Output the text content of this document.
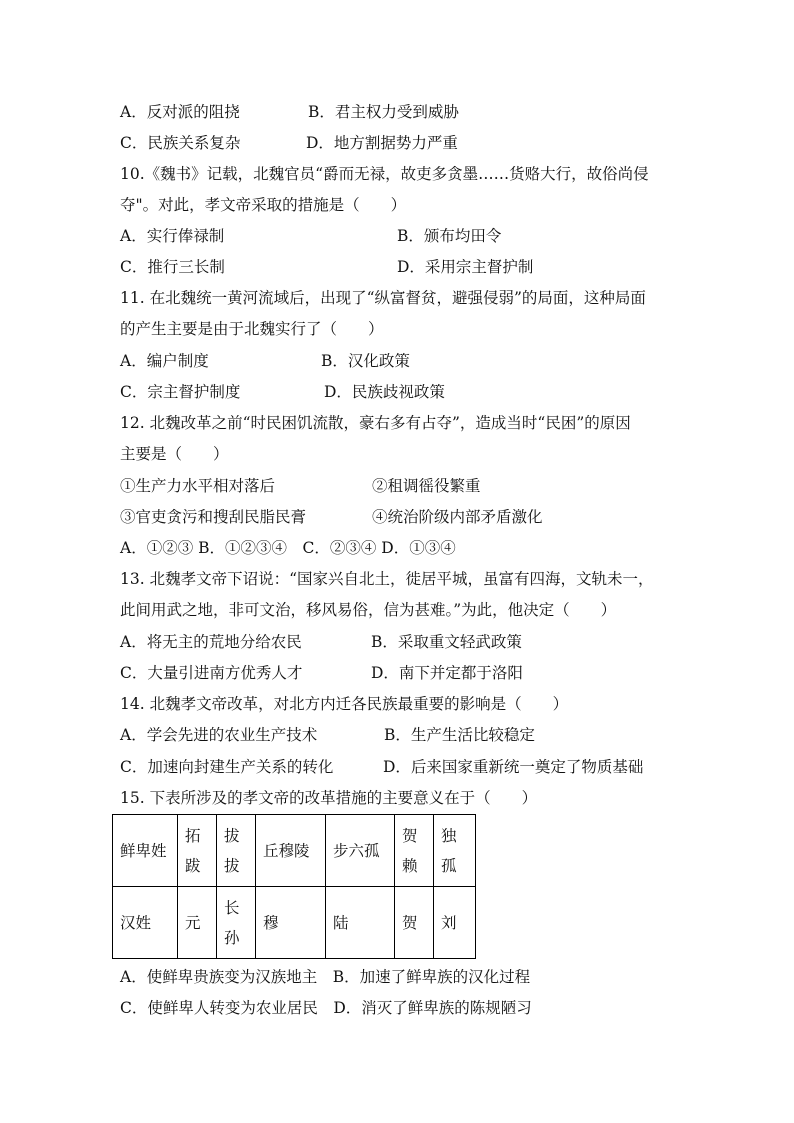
A．反对派的阻挠	B．君主权力受到威胁
C．民族关系复杂	D．地方割据势力严重
10.《魏书》记载，北魏官员“爵而无禄，故吏多贪墨……货赂大行，故俗尚侵
夺"。对此，孝文帝采取的措施是（　　）
A．实行俸禄制	B．颁布均田令
C．推行三长制	D．采用宗主督护制
11. 在北魏统一黄河流域后，出现了“纵富督贫，避强侵弱”的局面，这种局面
的产生主要是由于北魏实行了（　　）
A．编户制度	B．汉化政策
C．宗主督护制度	D．民族歧视政策
12. 北魏改革之前“时民困饥流散，豪右多有占夺”，造成当时“民困”的原因
主要是（　　）
①生产力水平相对落后	②租调徭役繁重
③官吏贪污和搜刮民脂民膏	④统治阶级内部矛盾激化
A．①②③ B．①②③④　C．②③④ D．①③④
13. 北魏孝文帝下诏说：“国家兴自北土，徙居平城，虽富有四海，文轨未一，
此间用武之地，非可文治，移风易俗，信为甚难。”为此，他决定（　　）
A．将无主的荒地分给农民	B．采取重文轻武政策
C．大量引进南方优秀人才	D．南下并定都于洛阳
14. 北魏孝文帝改革，对北方内迁各民族最重要的影响是（　　）
A．学会先进的农业生产技术	B．生产生活比较稳定
C．加速向封建生产关系的转化	D．后来国家重新统一奠定了物质基础
15. 下表所涉及的孝文帝的改革措施的主要意义在于（　　）
鲜卑姓	拓跋	拔拔	丘穆陵	步六孤	贺赖	独孤
汉姓	元	长孙	穆	陆	贺	刘
A．使鲜卑贵族变为汉族地主　B．加速了鲜卑族的汉化过程
C．使鲜卑人转变为农业居民　D．消灭了鲜卑族的陈规陋习
